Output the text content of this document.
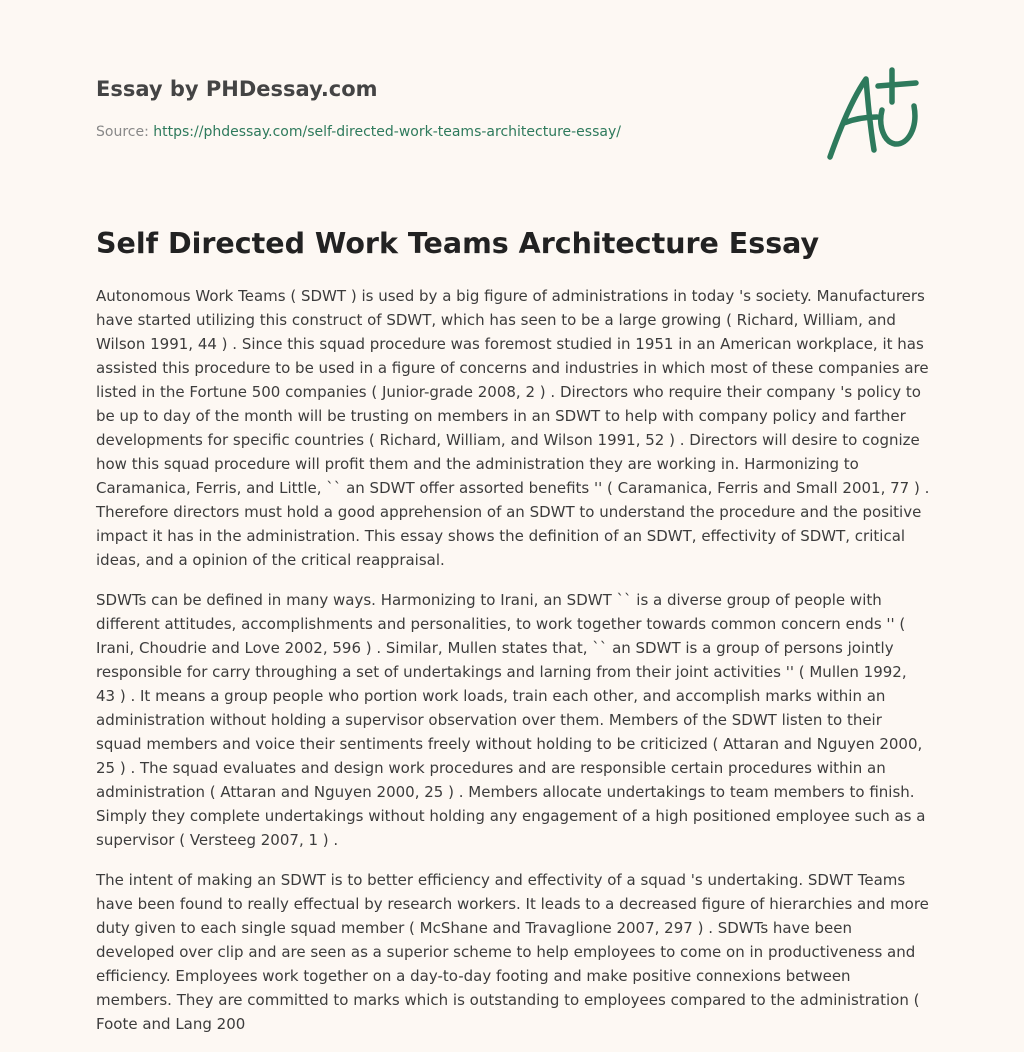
Essay by PHDessay.com
Source: https://phdessay.com/self-directed-work-teams-architecture-essay/
Self Directed Work Teams Architecture Essay

Autonomous Work Teams ( SDWT ) is used by a big figure of administrations in today 's society. Manufacturers have started utilizing this construct of SDWT, which has seen to be a large growing ( Richard, William, and Wilson 1991, 44 ) . Since this squad procedure was foremost studied in 1951 in an American workplace, it has assisted this procedure to be used in a figure of concerns and industries in which most of these companies are listed in the Fortune 500 companies ( Junior-grade 2008, 2 ) . Directors who require their company 's policy to be up to day of the month will be trusting on members in an SDWT to help with company policy and farther developments for specific countries ( Richard, William, and Wilson 1991, 52 ) . Directors will desire to cognize how this squad procedure will profit them and the administration they are working in. Harmonizing to Caramanica, Ferris, and Little, `` an SDWT offer assorted benefits '' ( Caramanica, Ferris and Small 2001, 77 ) . Therefore directors must hold a good apprehension of an SDWT to understand the procedure and the positive impact it has in the administration. This essay shows the definition of an SDWT, effectivity of SDWT, critical ideas, and a opinion of the critical reappraisal.

SDWTs can be defined in many ways. Harmonizing to Irani, an SDWT `` is a diverse group of people with different attitudes, accomplishments and personalities, to work together towards common concern ends '' ( Irani, Choudrie and Love 2002, 596 ) . Similar, Mullen states that, `` an SDWT is a group of persons jointly responsible for carry throughing a set of undertakings and larning from their joint activities '' ( Mullen 1992, 43 ) . It means a group people who portion work loads, train each other, and accomplish marks within an administration without holding a supervisor observation over them. Members of the SDWT listen to their squad members and voice their sentiments freely without holding to be criticized ( Attaran and Nguyen 2000, 25 ) . The squad evaluates and design work procedures and are responsible certain procedures within an administration ( Attaran and Nguyen 2000, 25 ) . Members allocate undertakings to team members to finish. Simply they complete undertakings without holding any engagement of a high positioned employee such as a supervisor ( Versteeg 2007, 1 ) .

The intent of making an SDWT is to better efficiency and effectivity of a squad 's undertaking. SDWT Teams have been found to really effectual by research workers. It leads to a decreased figure of hierarchies and more duty given to each single squad member ( McShane and Travaglione 2007, 297 ) . SDWTs have been developed over clip and are seen as a superior scheme to help employees to come on in productiveness and efficiency. Employees work together on a day-to-day footing and make positive connexions between members. They are committed to marks which is outstanding to employees compared to the administration ( Foote and Lang 200
